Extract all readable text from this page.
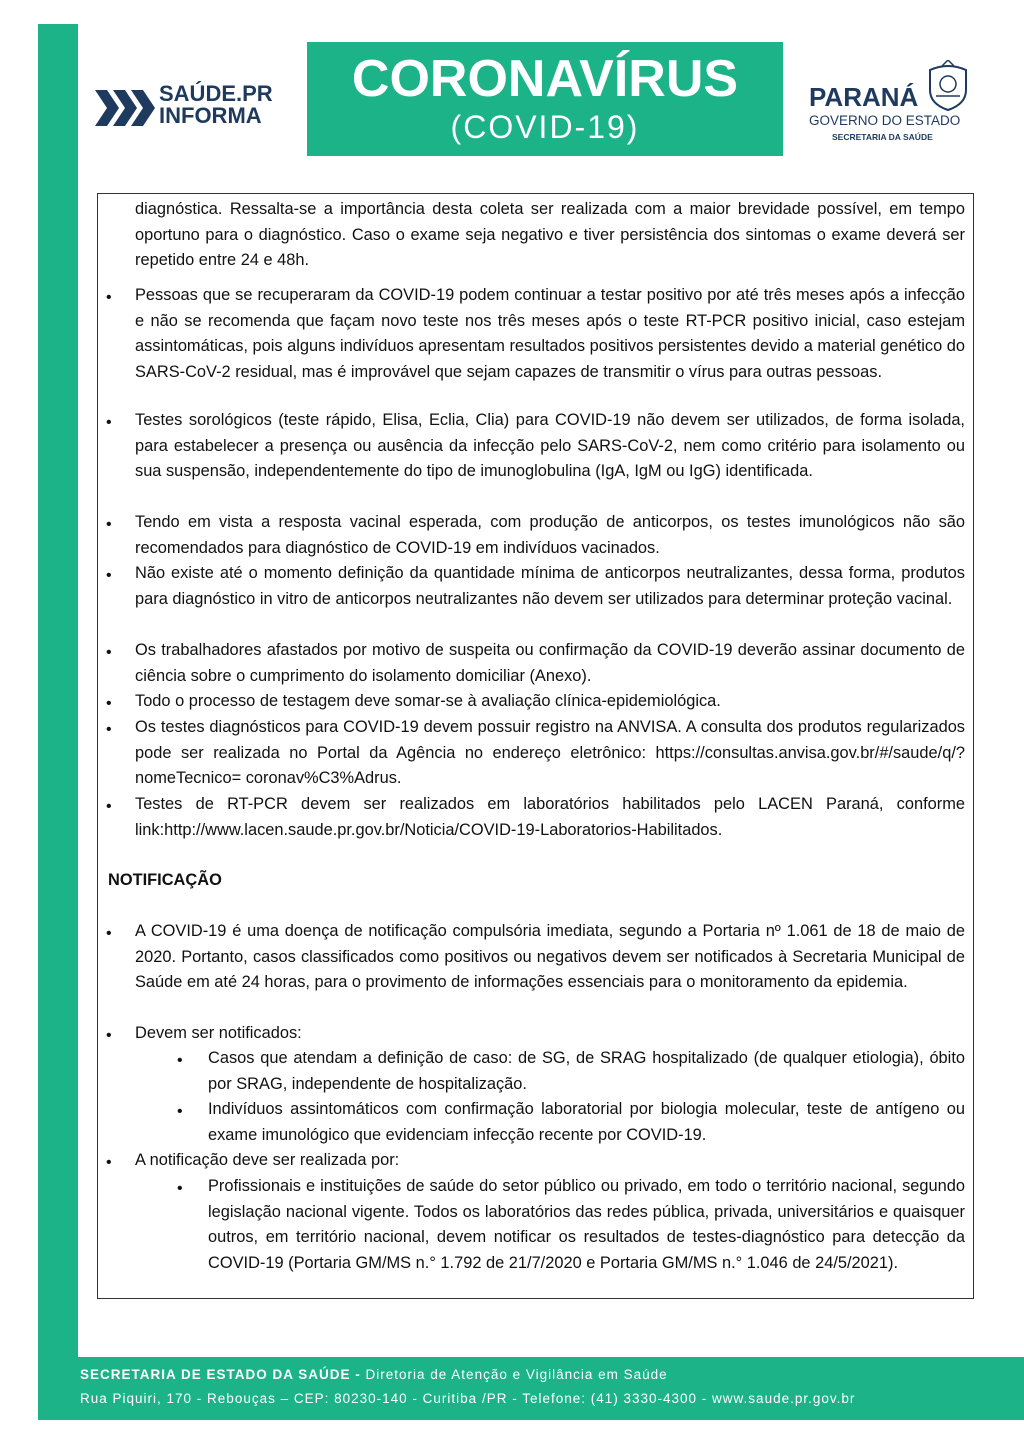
SAÚDE.PR
INFORMA
CORONAVÍRUS
(COVID-19)
PARANÁ
GOVERNO DO ESTADO
SECRETARIA DA SAÚDE
diagnóstica. Ressalta-se a importância desta coleta ser realizada com a maior brevidade possível, em tempo oportuno para o diagnóstico. Caso o exame seja negativo e tiver persistência dos sintomas o exame deverá ser repetido entre 24 e 48h.
• Pessoas que se recuperaram da COVID-19 podem continuar a testar positivo por até três meses após a infecção e não se recomenda que façam novo teste nos três meses após o teste RT-PCR positivo inicial, caso estejam assintomáticas, pois alguns indivíduos apresentam resultados positivos persistentes devido a material genético do SARS-CoV-2 residual, mas é improvável que sejam capazes de transmitir o vírus para outras pessoas.
• Testes sorológicos (teste rápido, Elisa, Eclia, Clia) para COVID-19 não devem ser utilizados, de forma isolada, para estabelecer a presença ou ausência da infecção pelo SARS-CoV-2, nem como critério para isolamento ou sua suspensão, independentemente do tipo de imunoglobulina (IgA, IgM ou IgG) identificada.
• Tendo em vista a resposta vacinal esperada, com produção de anticorpos, os testes imunológicos não são recomendados para diagnóstico de COVID-19 em indivíduos vacinados.
• Não existe até o momento definição da quantidade mínima de anticorpos neutralizantes, dessa forma, produtos para diagnóstico in vitro de anticorpos neutralizantes não devem ser utilizados para determinar proteção vacinal.
• Os trabalhadores afastados por motivo de suspeita ou confirmação da COVID-19 deverão assinar documento de ciência sobre o cumprimento do isolamento domiciliar (Anexo).
• Todo o processo de testagem deve somar-se à avaliação clínica-epidemiológica.
• Os testes diagnósticos para COVID-19 devem possuir registro na ANVISA. A consulta dos produtos regularizados pode ser realizada no Portal da Agência no endereço eletrônico: https://consultas.anvisa.gov.br/#/saude/q/?nomeTecnico= coronav%C3%Adrus.
• Testes de RT-PCR devem ser realizados em laboratórios habilitados pelo LACEN Paraná, conforme link:http://www.lacen.saude.pr.gov.br/Noticia/COVID-19-Laboratorios-Habilitados.
NOTIFICAÇÃO
• A COVID-19 é uma doença de notificação compulsória imediata, segundo a Portaria nº 1.061 de 18 de maio de 2020. Portanto, casos classificados como positivos ou negativos devem ser notificados à Secretaria Municipal de Saúde em até 24 horas, para o provimento de informações essenciais para o monitoramento da epidemia.
• Devem ser notificados:
• Casos que atendam a definição de caso: de SG, de SRAG hospitalizado (de qualquer etiologia), óbito por SRAG, independente de hospitalização.
• Indivíduos assintomáticos com confirmação laboratorial por biologia molecular, teste de antígeno ou exame imunológico que evidenciam infecção recente por COVID-19.
• A notificação deve ser realizada por:
• Profissionais e instituições de saúde do setor público ou privado, em todo o território nacional, segundo legislação nacional vigente. Todos os laboratórios das redes pública, privada, universitários e quaisquer outros, em território nacional, devem notificar os resultados de testes-diagnóstico para detecção da COVID-19 (Portaria GM/MS n.° 1.792 de 21/7/2020 e Portaria GM/MS n.° 1.046 de 24/5/2021).
SECRETARIA DE ESTADO DA SAÚDE - Diretoria de Atenção e Vigilância em Saúde
Rua Piquiri, 170 - Rebouças – CEP: 80230-140 - Curitiba /PR - Telefone: (41) 3330-4300 - www.saude.pr.gov.br
